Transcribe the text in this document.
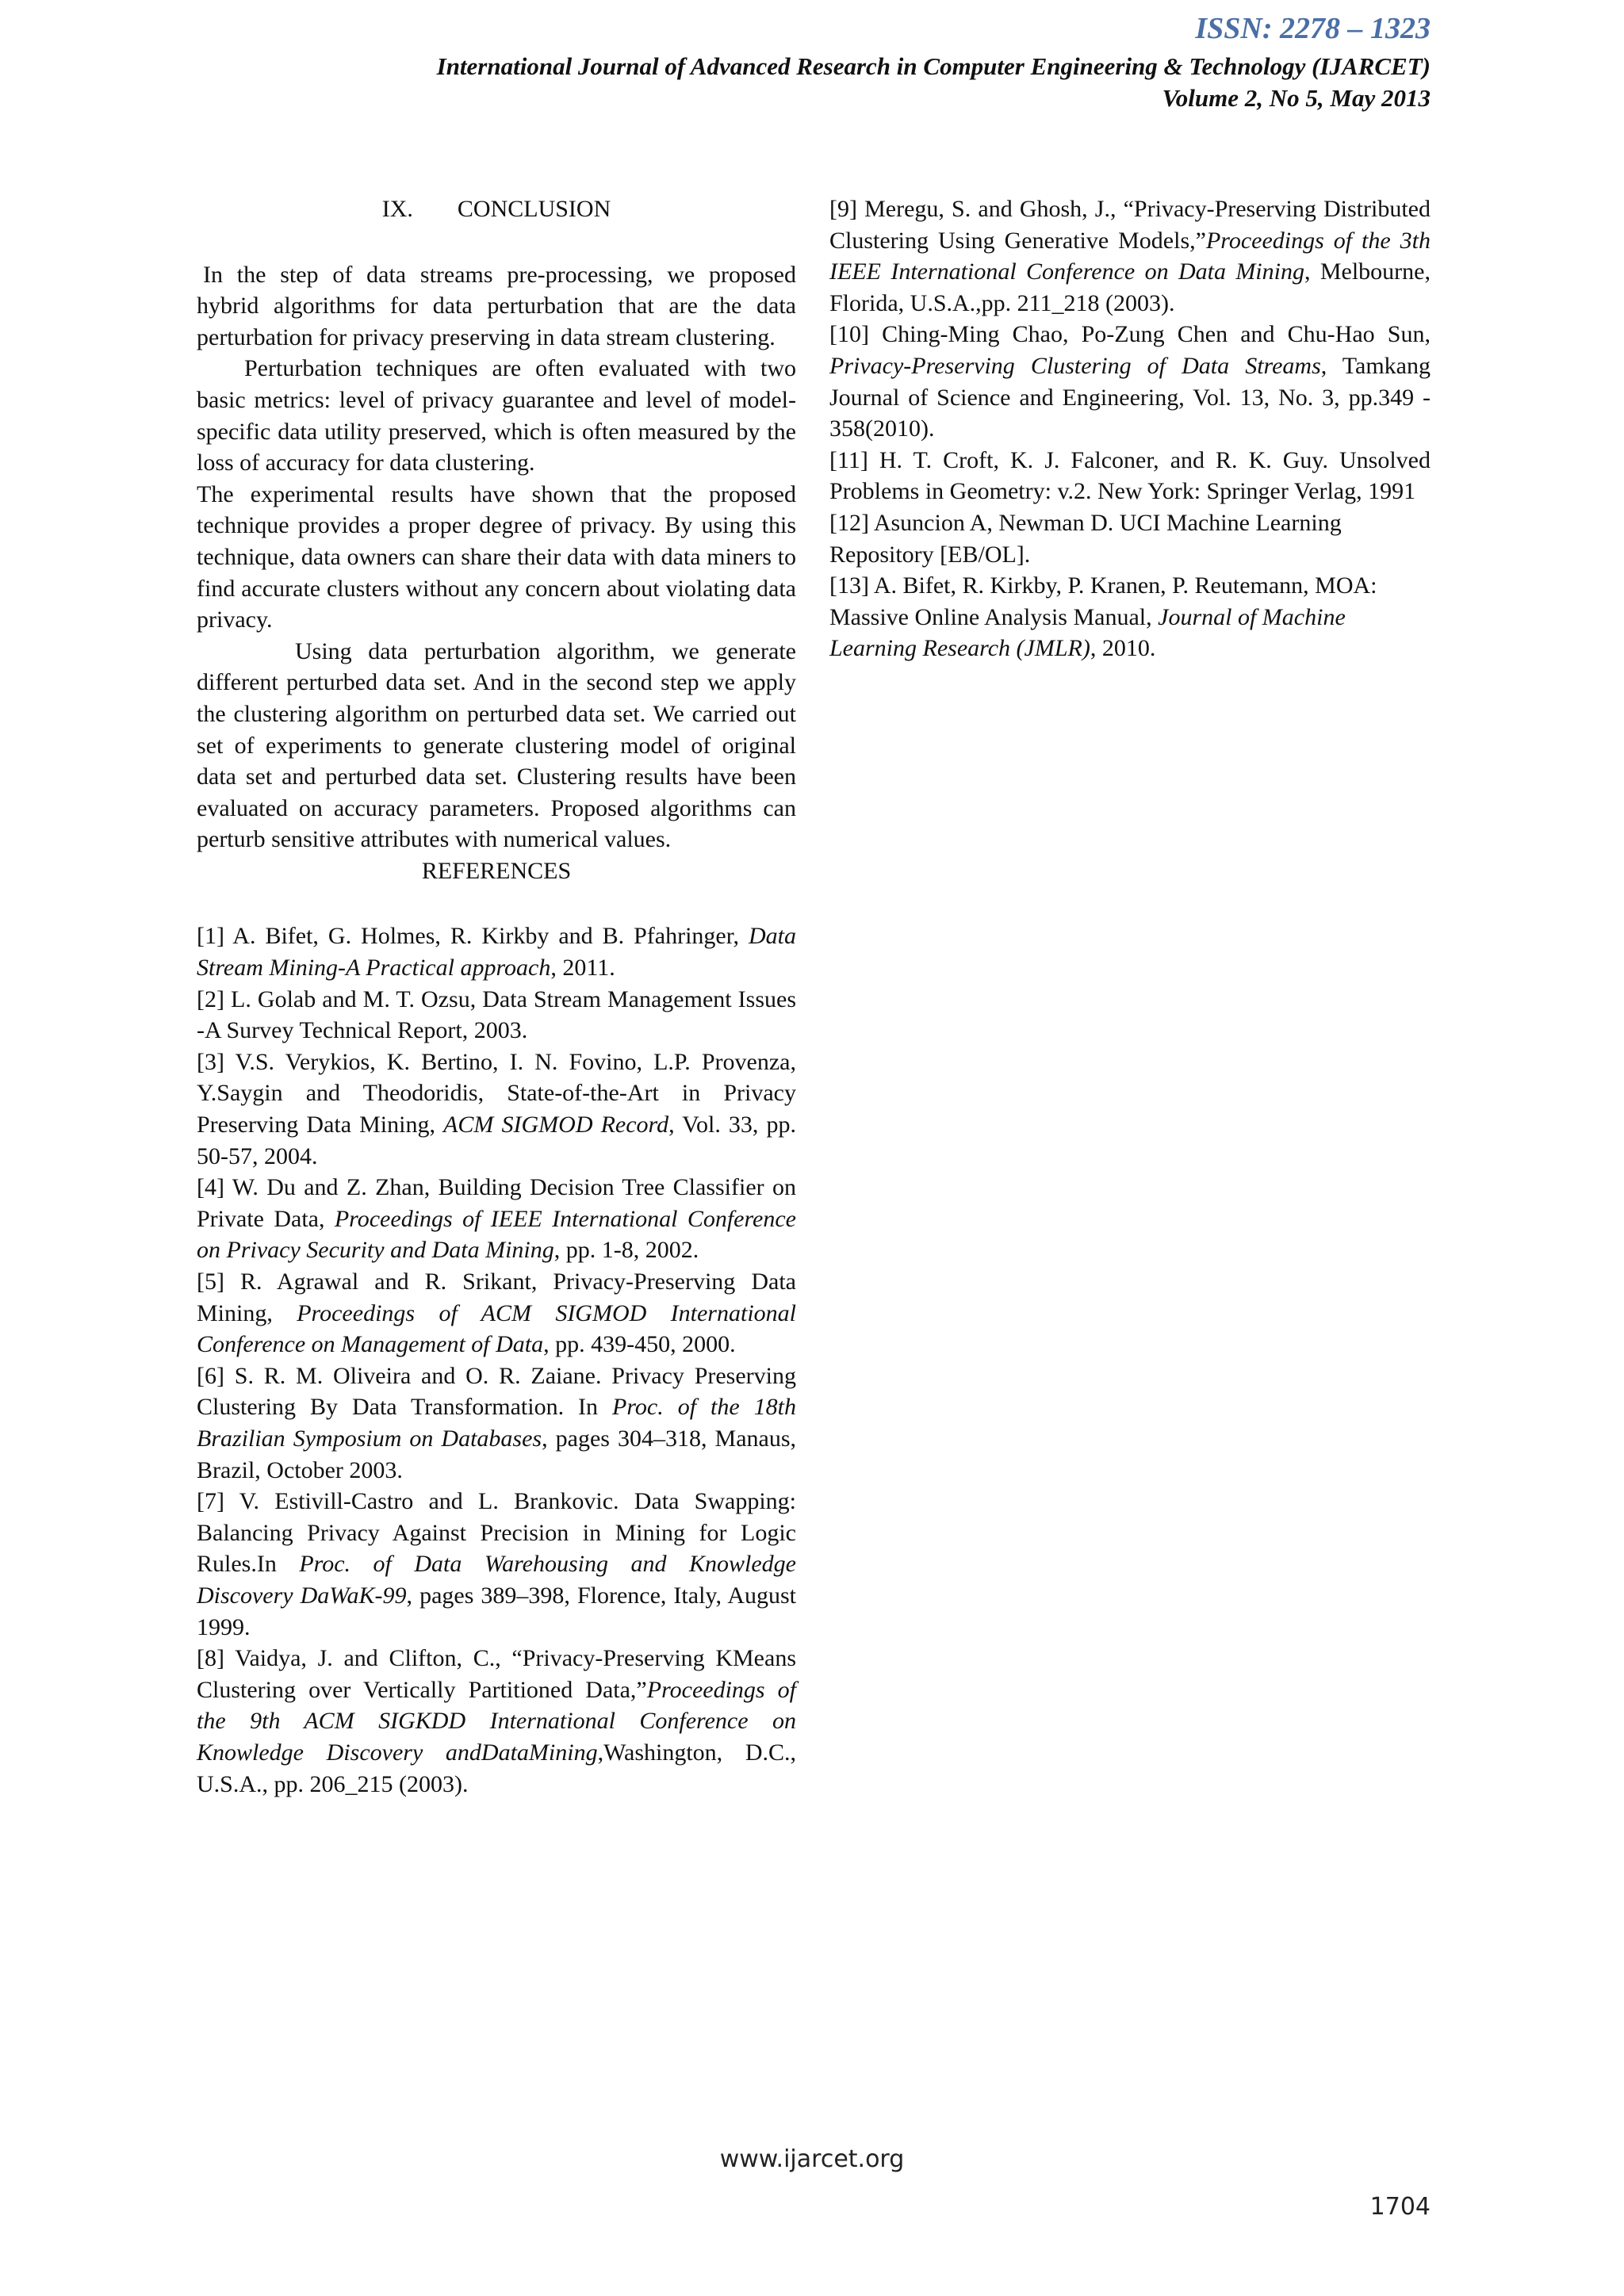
ISSN: 2278 – 1323
International Journal of Advanced Research in Computer Engineering & Technology (IJARCET)
Volume 2, No 5, May 2013
IX. CONCLUSION

In the step of data streams pre-processing, we proposed hybrid algorithms for data perturbation that are the data perturbation for privacy preserving in data stream clustering.

Perturbation techniques are often evaluated with two basic metrics: level of privacy guarantee and level of model-specific data utility preserved, which is often measured by the loss of accuracy for data clustering.

The experimental results have shown that the proposed technique provides a proper degree of privacy. By using this technique, data owners can share their data with data miners to find accurate clusters without any concern about violating data privacy.

Using data perturbation algorithm, we generate different perturbed data set. And in the second step we apply the clustering algorithm on perturbed data set. We carried out set of experiments to generate clustering model of original data set and perturbed data set. Clustering results have been evaluated on accuracy parameters. Proposed algorithms can perturb sensitive attributes with numerical values.

REFERENCES

[1] A. Bifet, G. Holmes, R. Kirkby and B. Pfahringer, Data Stream Mining-A Practical approach, 2011.

[2] L. Golab and M. T. Ozsu, Data Stream Management Issues -A Survey Technical Report, 2003.

[3] V.S. Verykios, K. Bertino, I. N. Fovino, L.P. Provenza, Y.Saygin and Theodoridis, State-of-the-Art in Privacy Preserving Data Mining, ACM SIGMOD Record, Vol. 33, pp. 50-57, 2004.

[4] W. Du and Z. Zhan, Building Decision Tree Classifier on Private Data, Proceedings of IEEE International Conference on Privacy Security and Data Mining, pp. 1-8, 2002.

[5] R. Agrawal and R. Srikant, Privacy-Preserving Data Mining, Proceedings of ACM SIGMOD International Conference on Management of Data, pp. 439-450, 2000.

[6] S. R. M. Oliveira and O. R. Zaiane. Privacy Preserving Clustering By Data Transformation. In Proc. of the 18th Brazilian Symposium on Databases, pages 304–318, Manaus, Brazil, October 2003.

[7] V. Estivill-Castro and L. Brankovic. Data Swapping: Balancing Privacy Against Precision in Mining for Logic Rules.In Proc. of Data Warehousing and Knowledge Discovery DaWaK-99, pages 389–398, Florence, Italy, August 1999.

[8] Vaidya, J. and Clifton, C., “Privacy-Preserving KMeans Clustering over Vertically Partitioned Data,”Proceedings of the 9th ACM SIGKDD International Conference on Knowledge Discovery andDataMining,Washington, D.C., U.S.A., pp. 206_215 (2003).

[9] Meregu, S. and Ghosh, J., “Privacy-Preserving Distributed Clustering Using Generative Models,”Proceedings of the 3th IEEE International Conference on Data Mining, Melbourne, Florida, U.S.A.,pp. 211_218 (2003).

[10] Ching-Ming Chao, Po-Zung Chen and Chu-Hao Sun, Privacy-Preserving Clustering of Data Streams, Tamkang Journal of Science and Engineering, Vol. 13, No. 3, pp.349 - 358(2010).

[11] H. T. Croft, K. J. Falconer, and R. K. Guy. Unsolved Problems in Geometry: v.2. New York: Springer Verlag, 1991

[12] Asuncion A, Newman D. UCI Machine Learning Repository [EB/OL].

[13] A. Bifet, R. Kirkby, P. Kranen, P. Reutemann, MOA: Massive Online Analysis Manual, Journal of Machine Learning Research (JMLR), 2010.

www.ijarcet.org
1704
